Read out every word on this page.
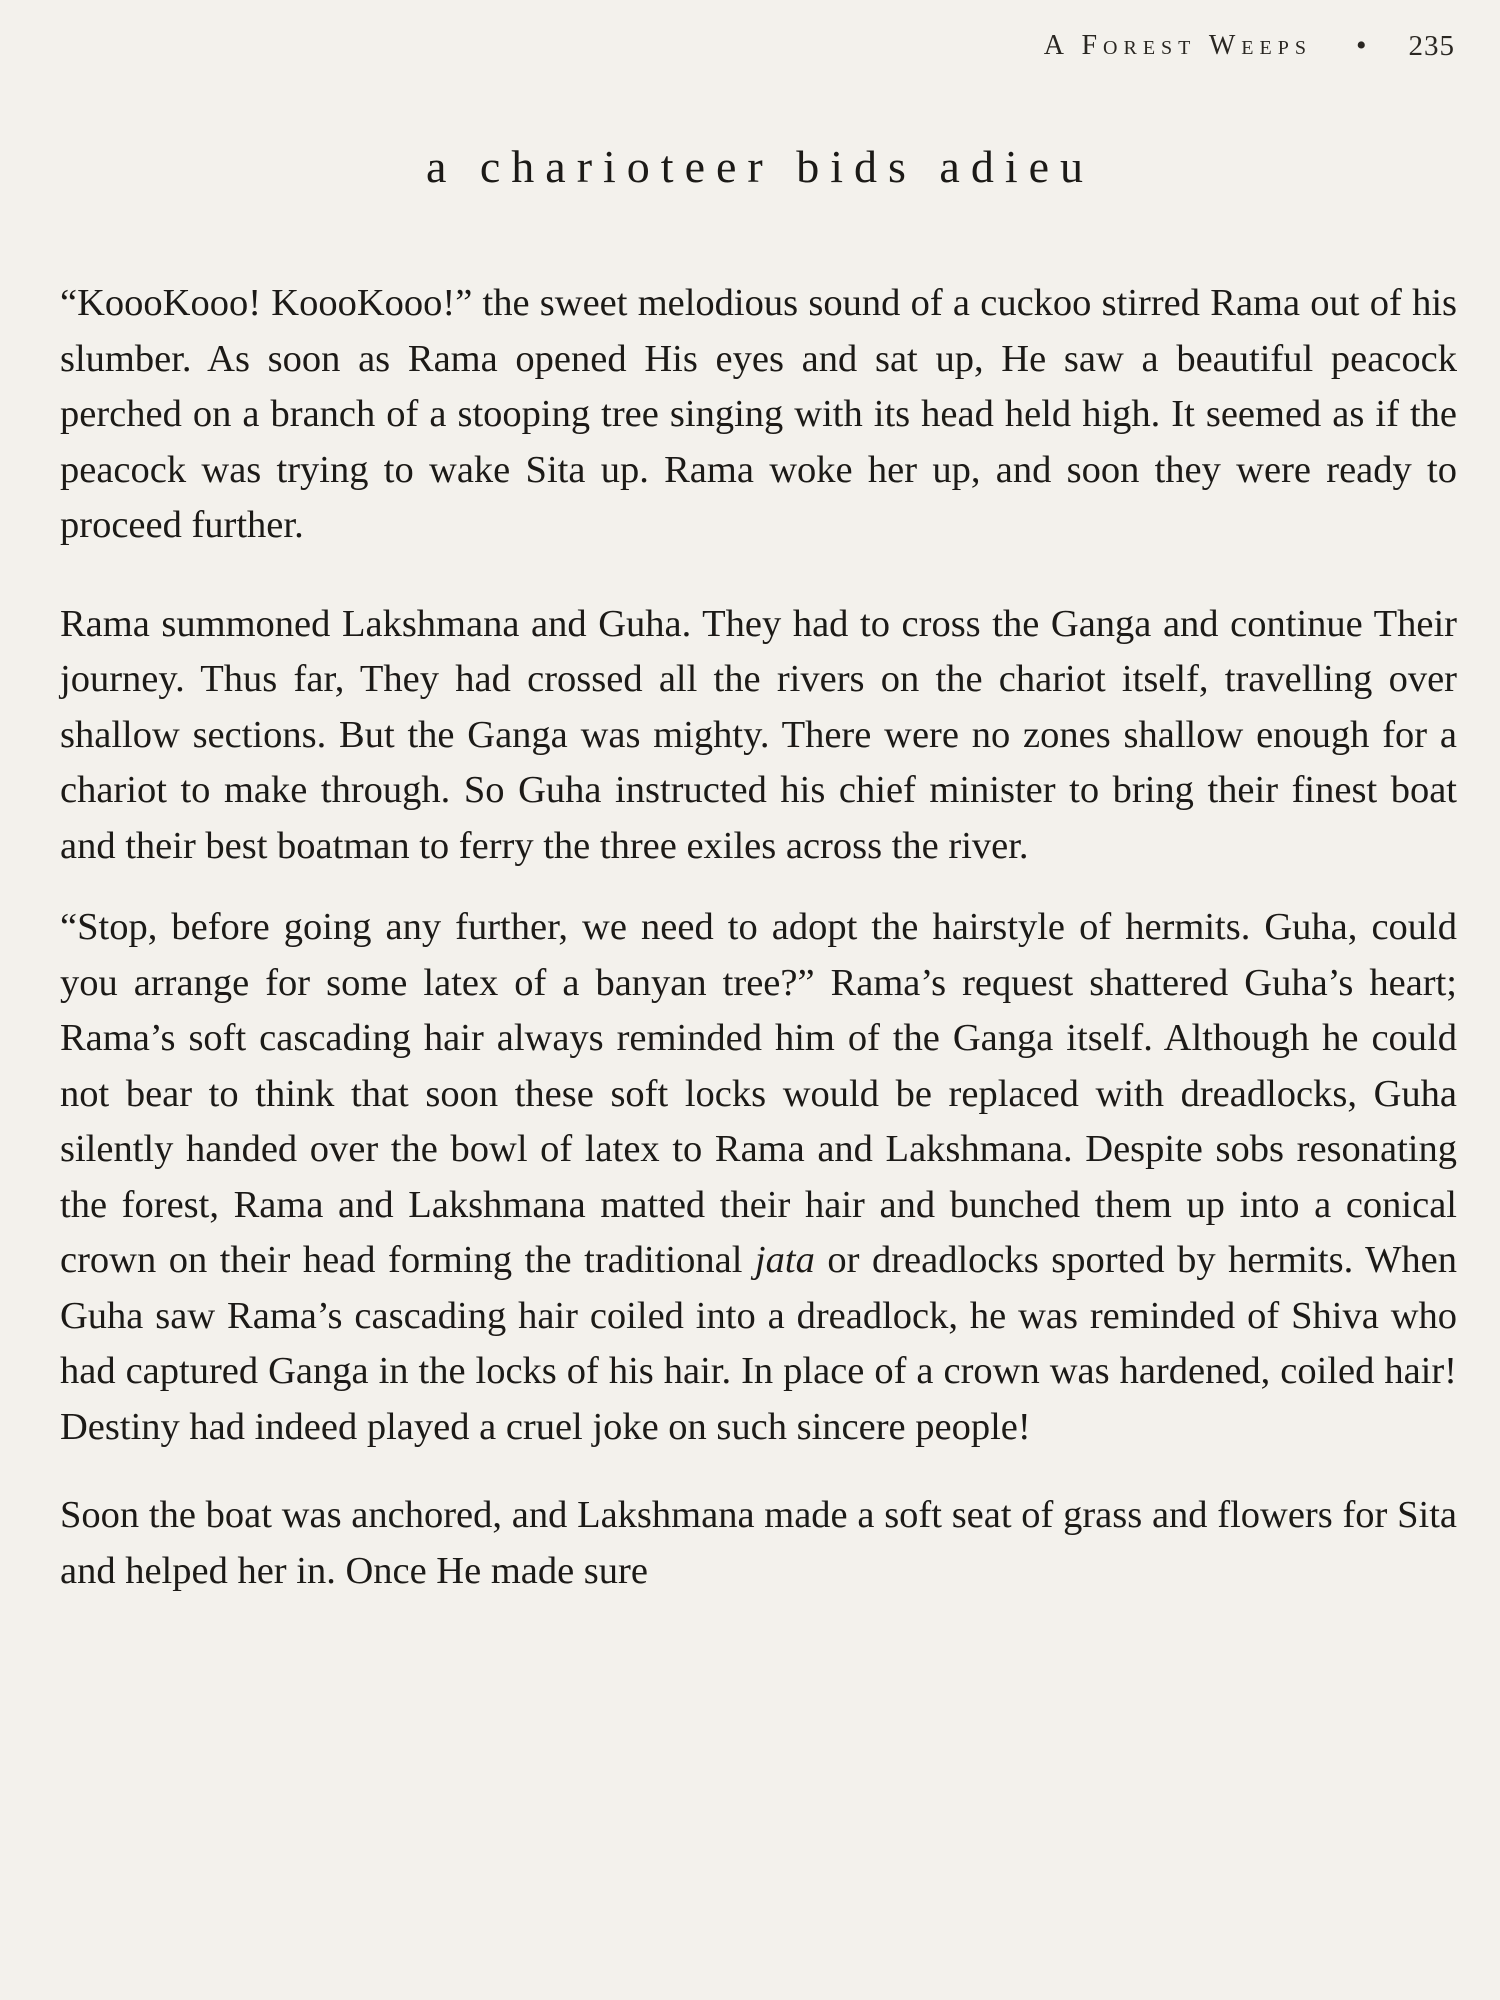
A Forest Weeps • 235
a charioteer bids adieu

“KoooKooo! KoooKooo!” the sweet melodious sound of a cuckoo stirred Rama out of his slumber. As soon as Rama opened His eyes and sat up, He saw a beautiful peacock perched on a branch of a stooping tree singing with its head held high. It seemed as if the peacock was trying to wake Sita up. Rama woke her up, and soon they were ready to proceed further.

Rama summoned Lakshmana and Guha. They had to cross the Ganga and continue Their journey. Thus far, They had crossed all the rivers on the chariot itself, travelling over shallow sections. But the Ganga was mighty. There were no zones shallow enough for a chariot to make through. So Guha instructed his chief minister to bring their finest boat and their best boatman to ferry the three exiles across the river.

“Stop, before going any further, we need to adopt the hairstyle of hermits. Guha, could you arrange for some latex of a banyan tree?” Rama’s request shattered Guha’s heart; Rama’s soft cascading hair always reminded him of the Ganga itself. Although he could not bear to think that soon these soft locks would be replaced with dreadlocks, Guha silently handed over the bowl of latex to Rama and Lakshmana. Despite sobs resonating the forest, Rama and Lakshmana matted their hair and bunched them up into a conical crown on their head forming the traditional jata or dreadlocks sported by hermits. When Guha saw Rama’s cascading hair coiled into a dreadlock, he was reminded of Shiva who had captured Ganga in the locks of his hair. In place of a crown was hardened, coiled hair! Destiny had indeed played a cruel joke on such sincere people!

Soon the boat was anchored, and Lakshmana made a soft seat of grass and flowers for Sita and helped her in. Once He made sure
